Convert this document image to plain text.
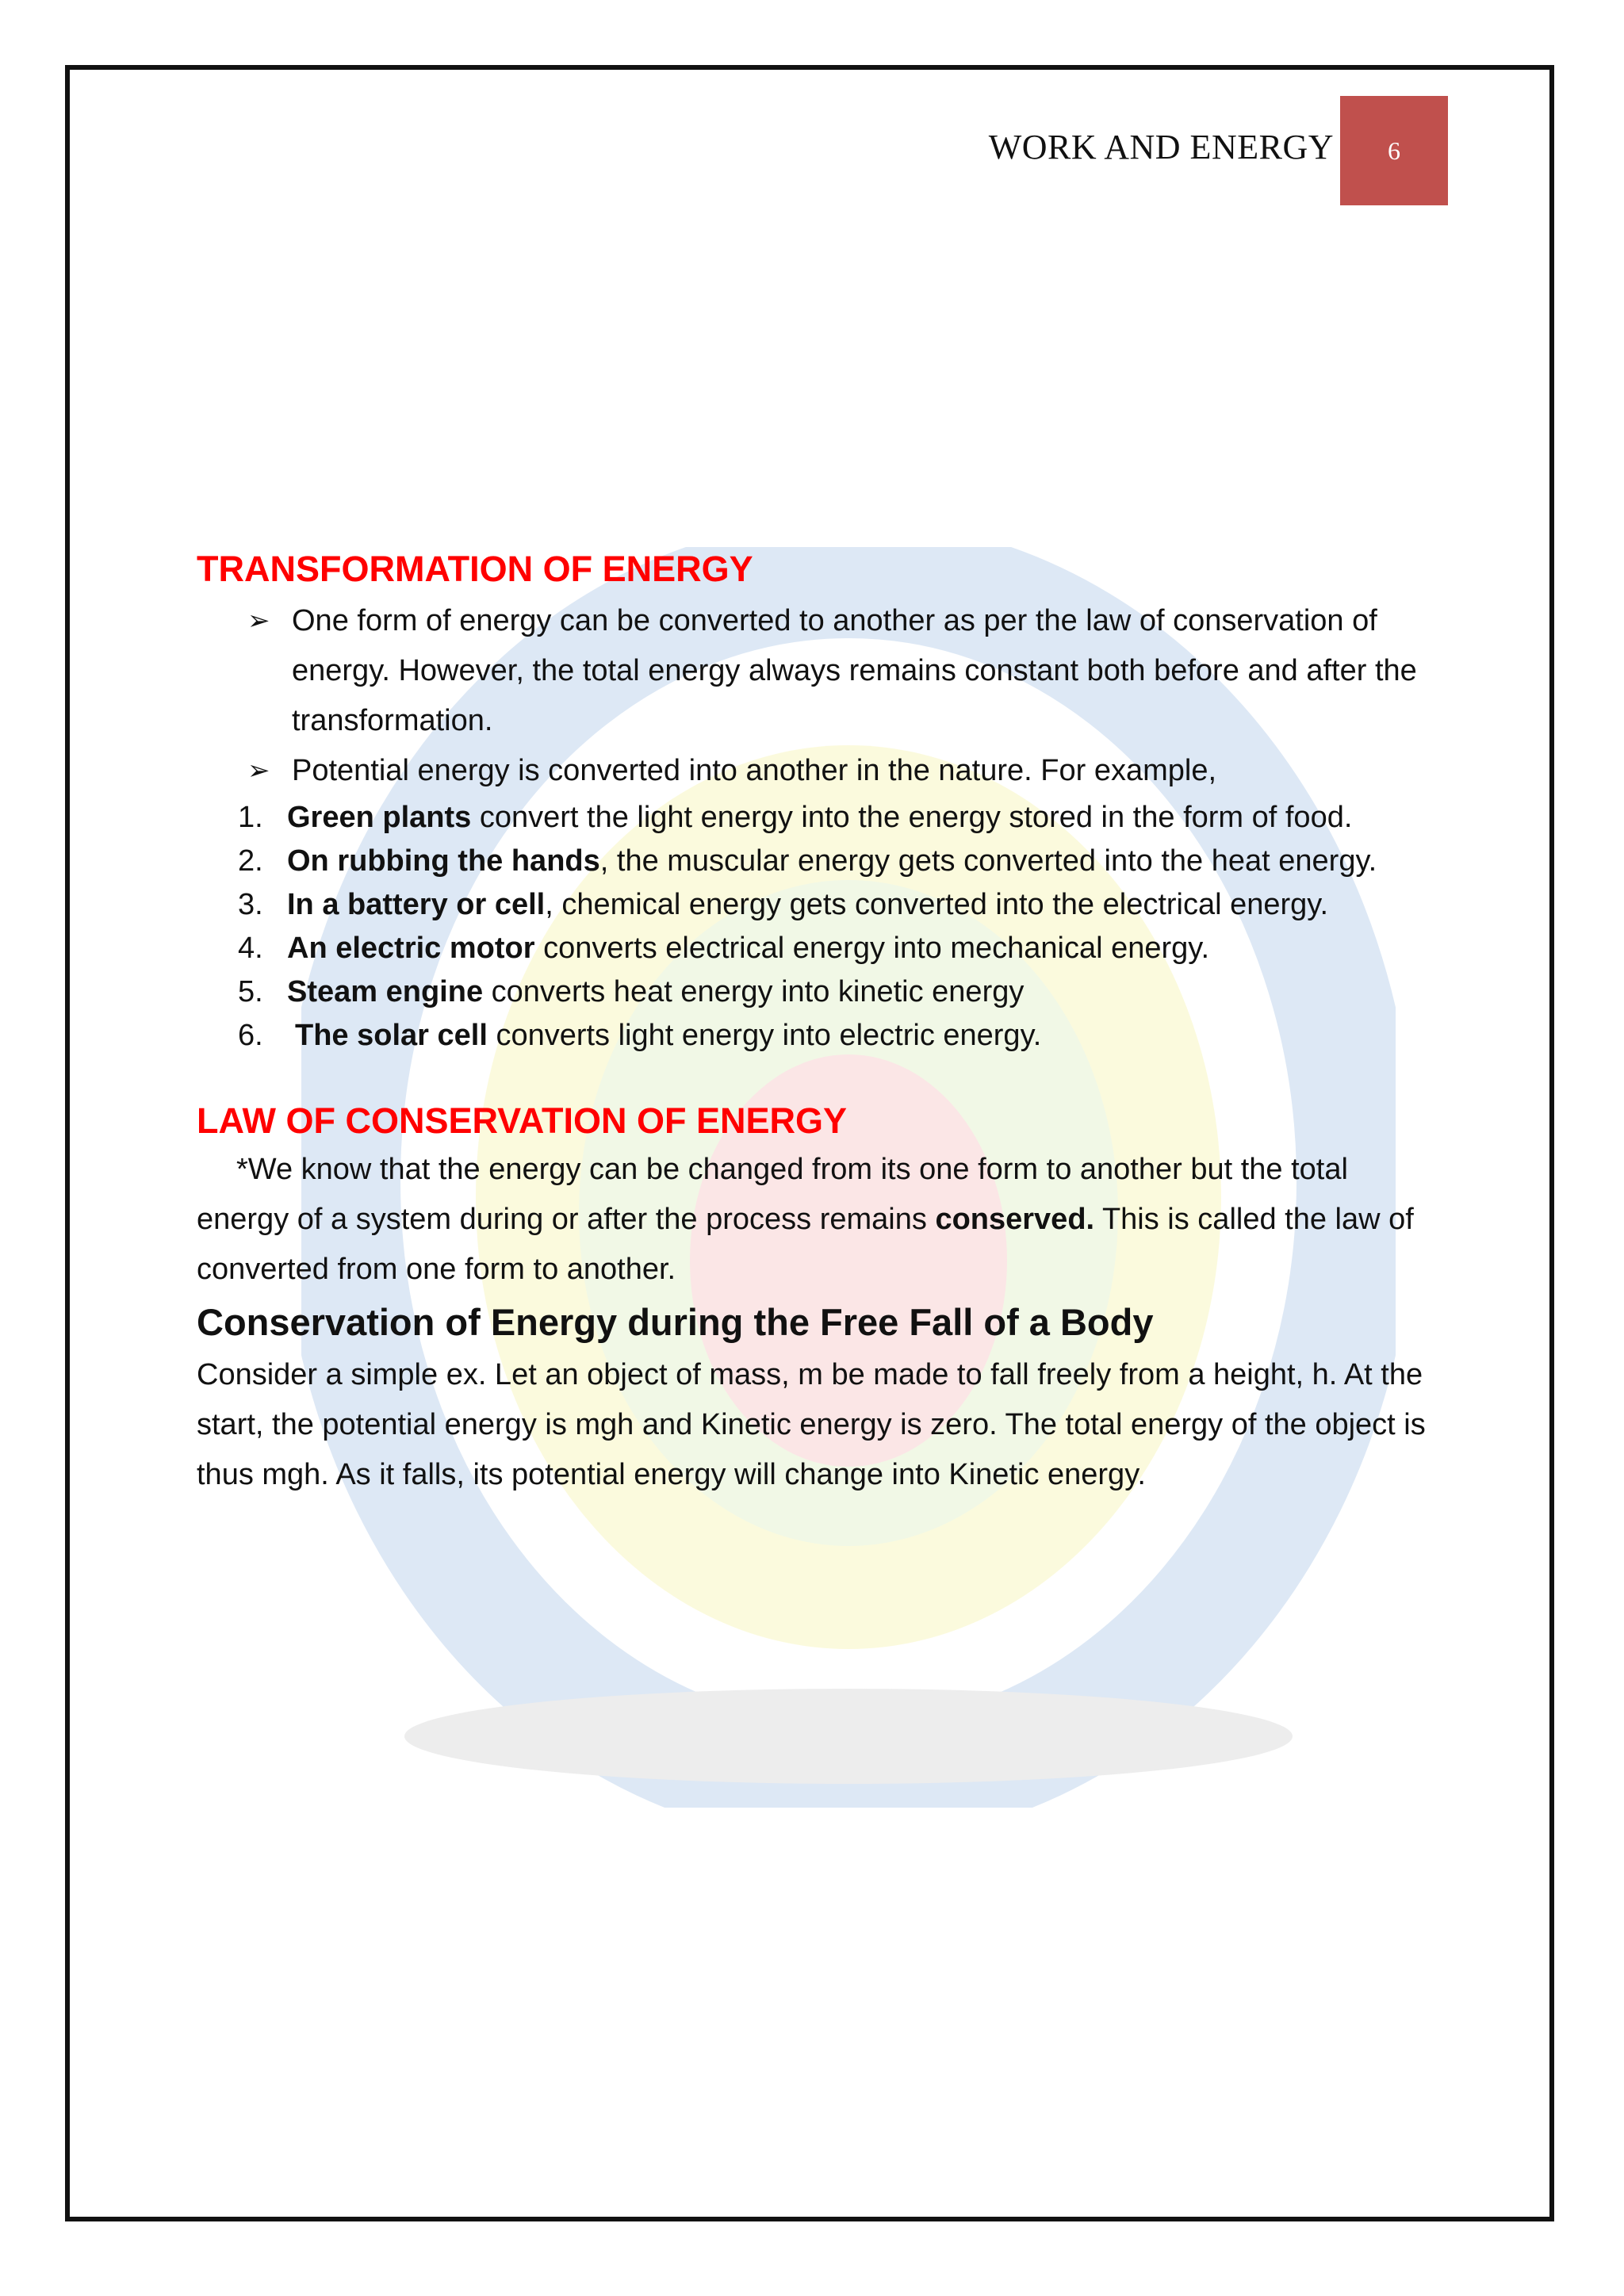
WORK AND ENERGY	6
TRANSFORMATION OF ENERGY
➢ One form of energy can be converted to another as per the law of conservation of energy. However, the total energy always remains constant both before and after the transformation.
➢ Potential energy is converted into another in the nature. For example,
1. Green plants convert the light energy into the energy stored in the form of food.
2. On rubbing the hands, the muscular energy gets converted into the heat energy.
3. In a battery or cell, chemical energy gets converted into the electrical energy.
4. An electric motor converts electrical energy into mechanical energy.
5. Steam engine converts heat energy into kinetic energy
6. The solar cell converts light energy into electric energy.
LAW OF CONSERVATION OF ENERGY

*We know that the energy can be changed from its one form to another but the total energy of a system during or after the process remains conserved. This is called the law of converted from one form to another.

Conservation of Energy during the Free Fall of a Body

Consider a simple ex. Let an object of mass, m be made to fall freely from a height, h. At the start, the potential energy is mgh and Kinetic energy is zero. The total energy of the object is thus mgh. As it falls, its potential energy will change into Kinetic energy.
